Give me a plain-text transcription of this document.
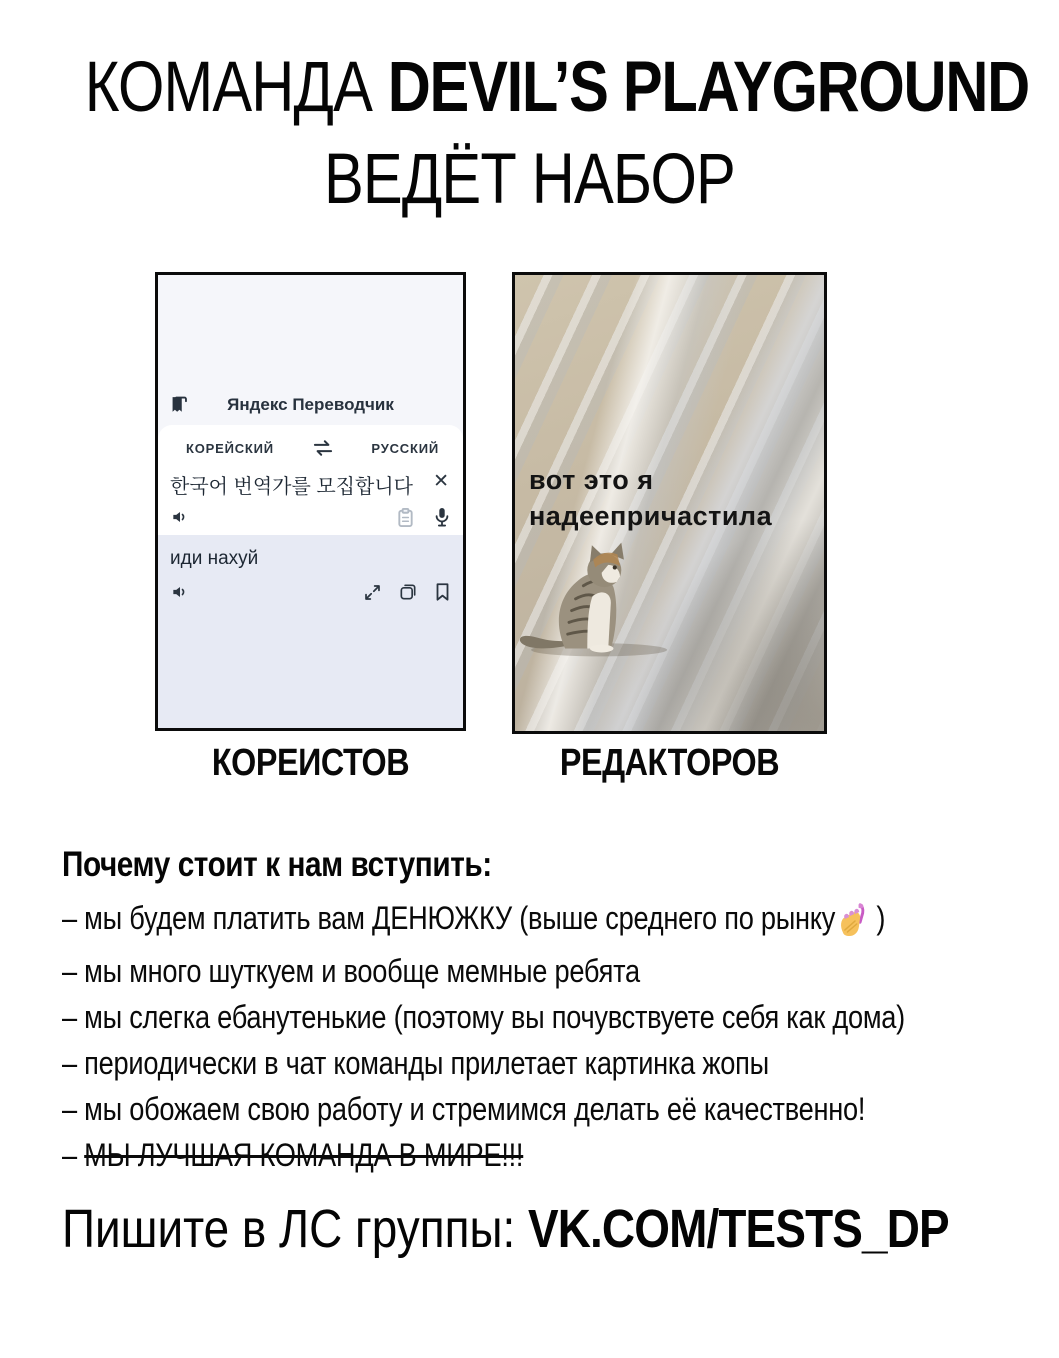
КОМАНДА DEVIL’S PLAYGROUND
ВЕДЁТ НАБОР
Яндекс Переводчик
КОРЕЙСКИЙ	РУССКИЙ
한국어 번역가를 모집합니다 ✕
иди нахуй
вот это я
надеепричастила
КОРЕИСТОВ	РЕДАКТОРОВ
Почему стоит к нам вступить:
– мы будем платить вам ДЕНЮЖКУ (выше среднего по рынку )
– мы много шуткуем и вообще мемные ребята
– мы слегка ебанутенькие (поэтому вы почувствуете себя как дома)
– периодически в чат команды прилетает картинка жопы
– мы обожаем свою работу и стремимся делать её качественно!
– МЫ ЛУЧШАЯ КОМАНДА В МИРЕ!!!
Пишите в ЛС группы: VK.COM/TESTS_DP
